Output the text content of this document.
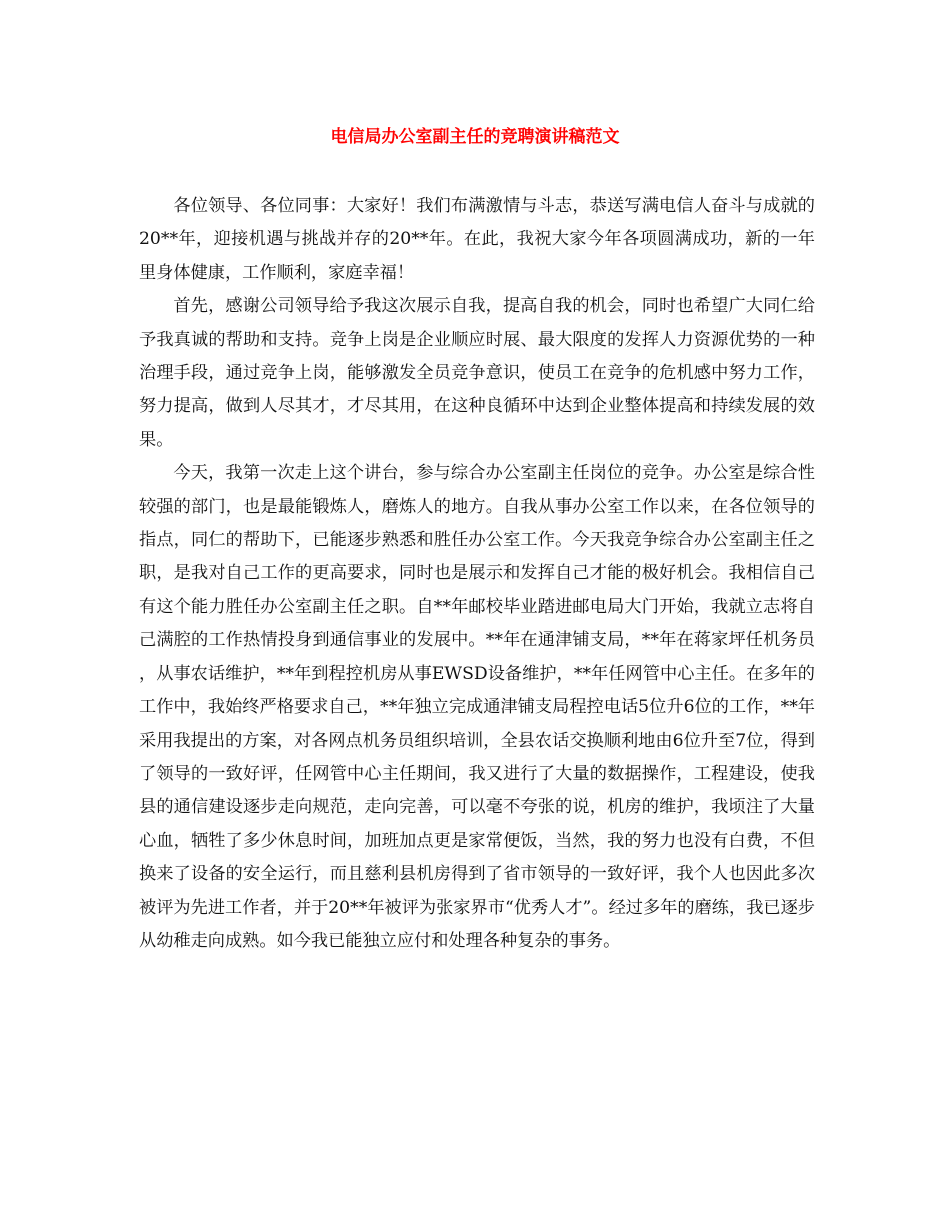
电信局办公室副主任的竞聘演讲稿范文

各位领导、各位同事：大家好！我们布满激情与斗志，恭送写满电信人奋斗与成就的20**年，迎接机遇与挑战并存的20**年。在此，我祝大家今年各项圆满成功，新的一年里身体健康，工作顺利，家庭幸福！

首先，感谢公司领导给予我这次展示自我，提高自我的机会，同时也希望广大同仁给予我真诚的帮助和支持。竞争上岗是企业顺应时展、最大限度的发挥人力资源优势的一种治理手段，通过竞争上岗，能够激发全员竞争意识，使员工在竞争的危机感中努力工作，努力提高，做到人尽其才，才尽其用，在这种良循环中达到企业整体提高和持续发展的效果。

今天，我第一次走上这个讲台，参与综合办公室副主任岗位的竞争。办公室是综合性较强的部门，也是最能锻炼人，磨炼人的地方。自我从事办公室工作以来，在各位领导的指点，同仁的帮助下，已能逐步熟悉和胜任办公室工作。今天我竞争综合办公室副主任之职，是我对自己工作的更高要求，同时也是展示和发挥自己才能的极好机会。我相信自己有这个能力胜任办公室副主任之职。自**年邮校毕业踏进邮电局大门开始，我就立志将自己满腔的工作热情投身到通信事业的发展中。**年在通津铺支局，**年在蒋家坪任机务员，从事农话维护，**年到程控机房从事EWSD设备维护，**年任网管中心主任。在多年的工作中，我始终严格要求自己，**年独立完成通津铺支局程控电话5位升6位的工作，**年采用我提出的方案，对各网点机务员组织培训，全县农话交换顺利地由6位升至7位，得到了领导的一致好评，任网管中心主任期间，我又进行了大量的数据操作，工程建设，使我县的通信建设逐步走向规范，走向完善，可以毫不夸张的说，机房的维护，我顷注了大量心血，牺牲了多少休息时间，加班加点更是家常便饭，当然，我的努力也没有白费，不但换来了设备的安全运行，而且慈利县机房得到了省市领导的一致好评，我个人也因此多次被评为先进工作者，并于20**年被评为张家界市“优秀人才”。经过多年的磨练，我已逐步从幼稚走向成熟。如今我已能独立应付和处理各种复杂的事务。
